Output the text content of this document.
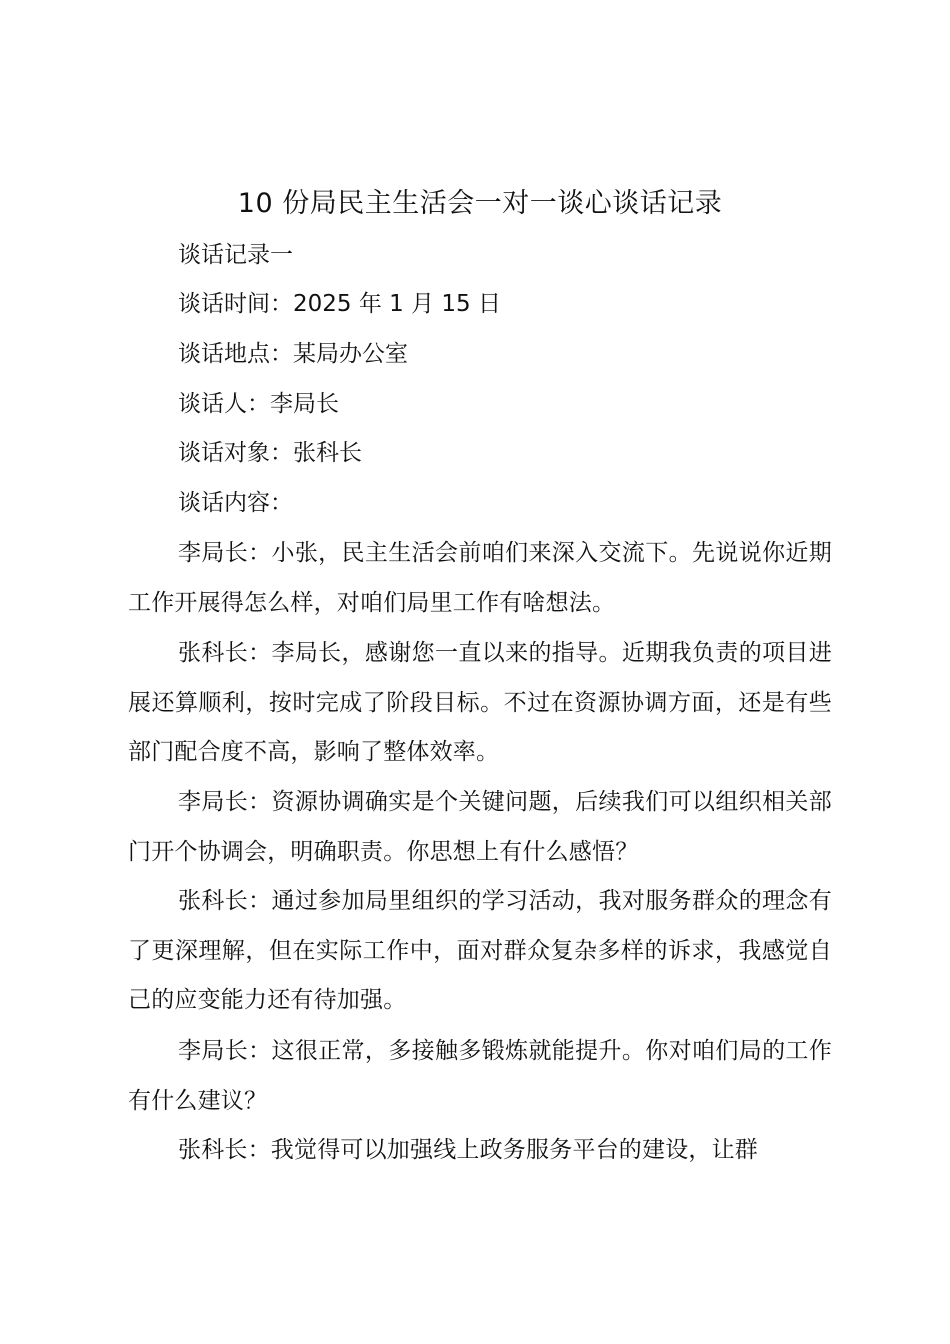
10 份局民主生活会一对一谈心谈话记录
谈话记录一
谈话时间：2025 年 1 月 15 日
谈话地点：某局办公室
谈话人：李局长
谈话对象：张科长
谈话内容：

李局长：小张，民主生活会前咱们来深入交流下。先说说你近期工作开展得怎么样，对咱们局里工作有啥想法。

张科长：李局长，感谢您一直以来的指导。近期我负责的项目进展还算顺利，按时完成了阶段目标。不过在资源协调方面，还是有些部门配合度不高，影响了整体效率。

李局长：资源协调确实是个关键问题，后续我们可以组织相关部门开个协调会，明确职责。你思想上有什么感悟？

张科长：通过参加局里组织的学习活动，我对服务群众的理念有了更深理解，但在实际工作中，面对群众复杂多样的诉求，我感觉自己的应变能力还有待加强。

李局长：这很正常，多接触多锻炼就能提升。你对咱们局的工作有什么建议？

张科长：我觉得可以加强线上政务服务平台的建设，让群
